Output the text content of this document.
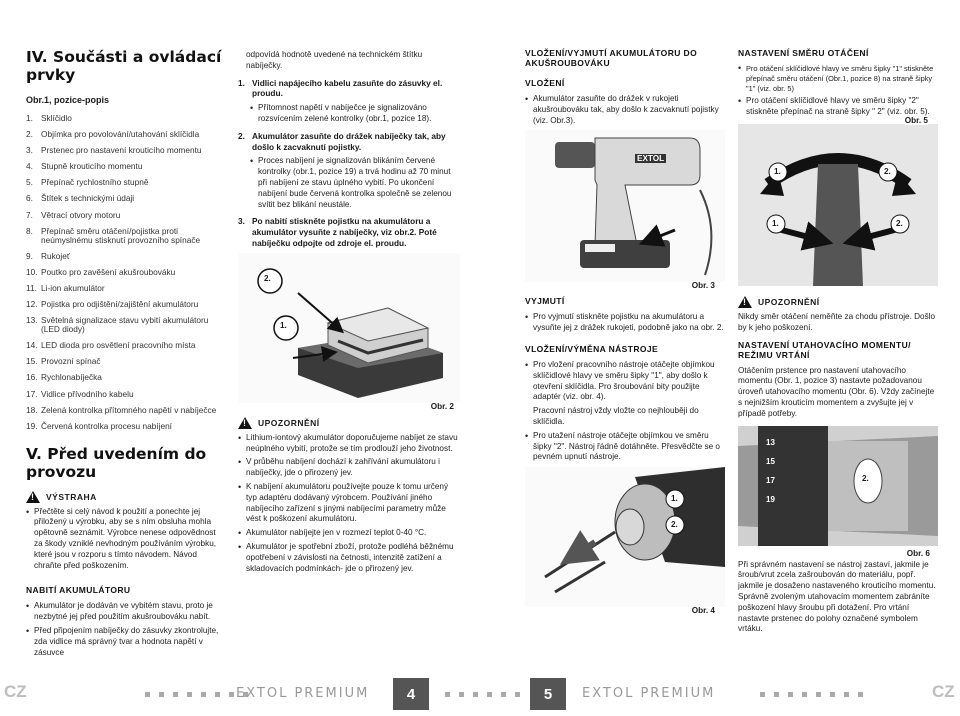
IV. Součásti a ovládací prvky
Obr.1, pozice-popis
1. Sklíčidlo
2. Objímka pro povolování/utahování sklíčidla
3. Prstenec pro nastavení krouticího momentu
4. Stupně krouticího momentu
5. Přepínač rychlostního stupně
6. Štítek s technickými údaji
7. Větrací otvory motoru
8. Přepínač směru otáčení/pojistka proti neúmyslnému stisknutí provozního spínače
9. Rukojeť
10. Poutko pro zavěšení akušroubováku
11. Li-ion akumulátor
12. Pojistka pro odjištění/zajištění akumulátoru
13. Světelná signalizace stavu vybití akumulátoru (LED diody)
14. LED dioda pro osvětlení pracovního místa
15. Provozní spínač
16. Rychlonabíječka
17. Vidlice přívodního kabelu
18. Zelená kontrolka přítomného napětí v nabíječce
19. Červená kontrolka procesu nabíjení
V. Před uvedením do provozu
!
VÝSTRAHA
• Přečtěte si celý návod k použití a ponechte jej přiložený u výrobku, aby se s ním obsluha mohla opětovně seznámit. Výrobce nenese odpovědnost za škody vzniklé nevhodným používáním výrobku, které jsou v rozporu s tímto návodem. Návod chraňte před poškozením.
NABITÍ AKUMULÁTORU
• Akumulátor je dodáván ve vybitém stavu, proto je nezbytné jej před použitím akušroubováku nabít.
• Před připojením nabíječky do zásuvky zkontrolujte, zda vidlice má správný tvar a hodnota napětí v zásuvce

odpovídá hodnotě uvedené na technickém štítku nabíječky.

1. Vidlici napájecího kabelu zasuňte do zásuvky el. proudu.
• Přítomnost napětí v nabíječce je signalizováno rozsvícením zelené kontrolky (obr.1, pozice 18).
2. Akumulátor zasuňte do drážek nabíječky tak, aby došlo k zacvaknutí pojistky.
• Proces nabíjení je signalizován blikáním červené kontrolky (obr.1, pozice 19) a trvá hodinu až 70 minut při nabíjení ze stavu úplného vybití. Po ukončení nabíjení bude červená kontrolka společně se zelenou svítit bez blikání neustále.
3. Po nabití stiskněte pojistku na akumulátoru a akumulátor vysuňte z nabíječky, viz obr.2. Poté nabíječku odpojte od zdroje el. proudu.
2.
1.
Obr. 2
!
UPOZORNĚNÍ
• Lithium-iontový akumulátor doporučujeme nabíjet ze stavu neúplného vybití, protože se tím prodlouží jeho životnost.
• V průběhu nabíjení dochází k zahřívání akumulátoru i nabíječky, jde o přirozený jev.
• K nabíjení akumulátoru používejte pouze k tomu určený typ adaptéru dodávaný výrobcem. Používání jiného nabíjecího zařízení s jinými nabíjecími parametry může vést k poškození akumulátoru.
• Akumulátor nabíjejte jen v rozmezí teplot 0-40 °C.
• Akumulátor je spotřební zboží, protože podléhá běžnému opotřebení v závislosti na četnosti, intenzitě zatížení a skladovacích podmínkách- jde o přirozený jev.
VLOŽENÍ/VYJMUTÍ AKUMULÁTORU DO AKUŠROUBOVÁKU
VLOŽENÍ
• Akumulátor zasuňte do drážek v rukojeti akušroubováku tak, aby došlo k zacvaknutí pojistky (viz. Obr.3).
EXTOL
Obr. 3
VYJMUTÍ
• Pro vyjmutí stiskněte pojistku na akumulátoru a vysuňte jej z drážek rukojeti, podobně jako na obr. 2.
VLOŽENÍ/VÝMĚNA NÁSTROJE
• Pro vložení pracovního nástroje otáčejte objímkou sklíčidlové hlavy ve směru šipky "1", aby došlo k otevření sklíčidla. Pro šroubování bity použijte adaptér (viz. obr. 4).

Pracovní nástroj vždy vložte co nejhlouběji do sklíčidla.

• Pro utažení nástroje otáčejte objímkou ve směru šipky "2". Nástroj řádně dotáhněte. Přesvědčte se o pevném upnutí nástroje.
1.
2.
Obr. 4
NASTAVENÍ SMĚRU OTÁČENÍ
• Pro otáčení sklíčidlové hlavy ve směru šipky "1" stiskněte přepínač směru otáčení (Obr.1, pozice 8) na straně šipky "1" (viz. obr. 5)
• Pro otáčení sklíčidlové hlavy ve směru šipky "2" stiskněte přepínač na straně šipky " 2" (viz. obr. 5).
1.	2.
1.	2.
Obr. 5
!
UPOZORNĚNÍ

Nikdy směr otáčení neměňte za chodu přístroje. Došlo by k jeho poškození.

NASTAVENÍ UTAHOVACÍHO MOMENTU/ REŽIMU VRTÁNÍ

Otáčením prstence pro nastavení utahovacího momentu (Obr. 1, pozice 3) nastavte požadovanou úroveň utahovacího momentu (Obr. 6). Vždy začínejte s nejnižším krouticím momentem a zvyšujte jej v případě potřeby.

13
15
17
19
2.
Obr. 6

Při správném nastavení se nástroj zastaví, jakmile je šroub/vrut zcela zašroubován do materiálu, popř. jakmile je dosaženo nastaveného krouticího momentu. Správně zvoleným utahovacím momentem zabráníte poškození hlavy šroubu při dotažení. Pro vrtání nastavte prstenec do polohy označené symbolem vrtáku.

CZ	EXTOL PREMIUM	4	5	EXTOL PREMIUM	CZ
